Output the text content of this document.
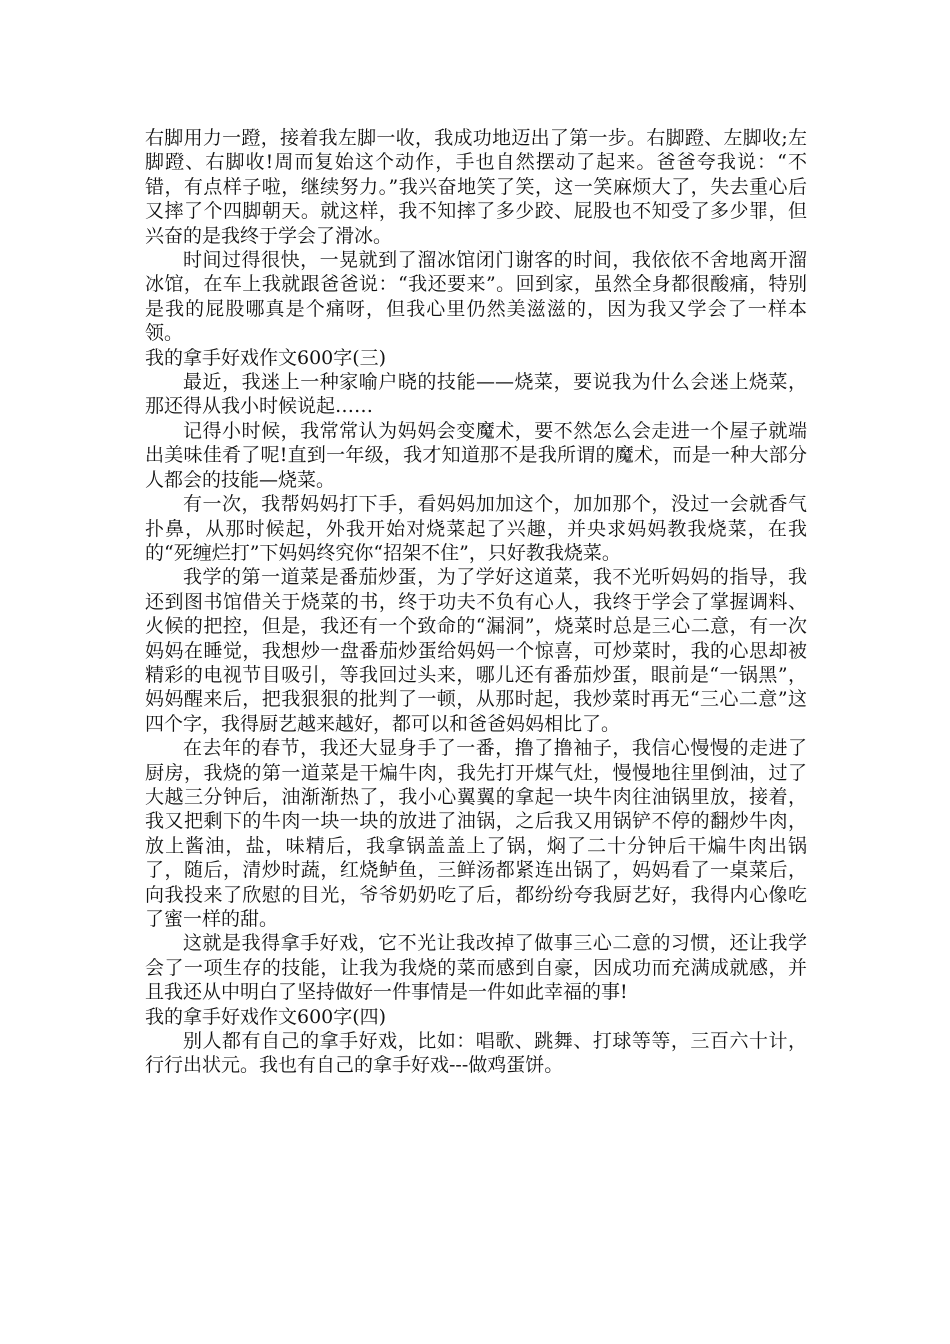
右脚用力一蹬，接着我左脚一收，我成功地迈出了第一步。右脚蹬、左脚收;左脚蹬、右脚收!周而复始这个动作，手也自然摆动了起来。爸爸夸我说：“不错，有点样子啦，继续努力。”我兴奋地笑了笑，这一笑麻烦大了，失去重心后又摔了个四脚朝天。就这样，我不知摔了多少跤、屁股也不知受了多少罪，但兴奋的是我终于学会了滑冰。

时间过得很快，一晃就到了溜冰馆闭门谢客的时间，我依依不舍地离开溜冰馆，在车上我就跟爸爸说：“我还要来”。回到家，虽然全身都很酸痛，特别是我的屁股哪真是个痛呀，但我心里仍然美滋滋的，因为我又学会了一样本领。

我的拿手好戏作文600字(三)

最近，我迷上一种家喻户晓的技能——烧菜，要说我为什么会迷上烧菜，那还得从我小时候说起……

记得小时候，我常常认为妈妈会变魔术，要不然怎么会走进一个屋子就端出美味佳肴了呢!直到一年级，我才知道那不是我所谓的魔术，而是一种大部分人都会的技能—烧菜。

有一次，我帮妈妈打下手，看妈妈加加这个，加加那个，没过一会就香气扑鼻，从那时候起，外我开始对烧菜起了兴趣，并央求妈妈教我烧菜，在我的“死缠烂打”下妈妈终究你“招架不住”，只好教我烧菜。

我学的第一道菜是番茄炒蛋，为了学好这道菜，我不光听妈妈的指导，我还到图书馆借关于烧菜的书，终于功夫不负有心人，我终于学会了掌握调料、火候的把控，但是，我还有一个致命的“漏洞”，烧菜时总是三心二意，有一次妈妈在睡觉，我想炒一盘番茄炒蛋给妈妈一个惊喜，可炒菜时，我的心思却被精彩的电视节目吸引，等我回过头来，哪儿还有番茄炒蛋，眼前是“一锅黑”，妈妈醒来后，把我狠狠的批判了一顿，从那时起，我炒菜时再无“三心二意”这四个字，我得厨艺越来越好，都可以和爸爸妈妈相比了。

在去年的春节，我还大显身手了一番，撸了撸袖子，我信心慢慢的走进了厨房，我烧的第一道菜是干煸牛肉，我先打开煤气灶，慢慢地往里倒油，过了大越三分钟后，油渐渐热了，我小心翼翼的拿起一块牛肉往油锅里放，接着，我又把剩下的牛肉一块一块的放进了油锅，之后我又用锅铲不停的翻炒牛肉，放上酱油，盐，味精后，我拿锅盖盖上了锅，焖了二十分钟后干煸牛肉出锅了，随后，清炒时蔬，红烧鲈鱼，三鲜汤都紧连出锅了，妈妈看了一桌菜后，向我投来了欣慰的目光，爷爷奶奶吃了后，都纷纷夸我厨艺好，我得内心像吃了蜜一样的甜。

这就是我得拿手好戏，它不光让我改掉了做事三心二意的习惯，还让我学会了一项生存的技能，让我为我烧的菜而感到自豪，因成功而充满成就感，并且我还从中明白了坚持做好一件事情是一件如此幸福的事!

我的拿手好戏作文600字(四)

别人都有自己的拿手好戏，比如：唱歌、跳舞、打球等等，三百六十计，行行出状元。我也有自己的拿手好戏---做鸡蛋饼。
